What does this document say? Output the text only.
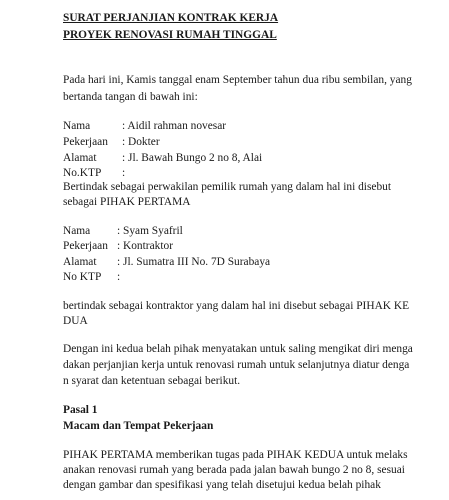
SURAT PERJANJIAN KONTRAK KERJA
PROYEK RENOVASI RUMAH TINGGAL
Pada hari ini, Kamis tanggal enam September tahun dua ribu sembilan, yang
bertanda tangan di bawah ini:
Nama	: Aidil rahman novesar
Pekerjaan : Dokter
Alamat : Jl. Bawah Bungo 2 no 8, Alai
No.KTP :
Bertindak sebagai perwakilan pemilik rumah yang dalam hal ini disebut
sebagai PIHAK PERTAMA
Nama : Syam Syafril
Pekerjaan : Kontraktor
Alamat : Jl. Sumatra III No. 7D Surabaya
No KTP :
bertindak sebagai kontraktor yang dalam hal ini disebut sebagai PIHAK KE
DUA
Dengan ini kedua belah pihak menyatakan untuk saling mengikat diri menga
dakan perjanjian kerja untuk renovasi rumah untuk selanjutnya diatur denga
n syarat dan ketentuan sebagai berikut.
Pasal 1
Macam dan Tempat Pekerjaan
PIHAK PERTAMA memberikan tugas pada PIHAK KEDUA untuk melaks
anakan renovasi rumah yang berada pada jalan bawah bungo 2 no 8, sesuai
dengan gambar dan spesifikasi yang telah disetujui kedua belah pihak
